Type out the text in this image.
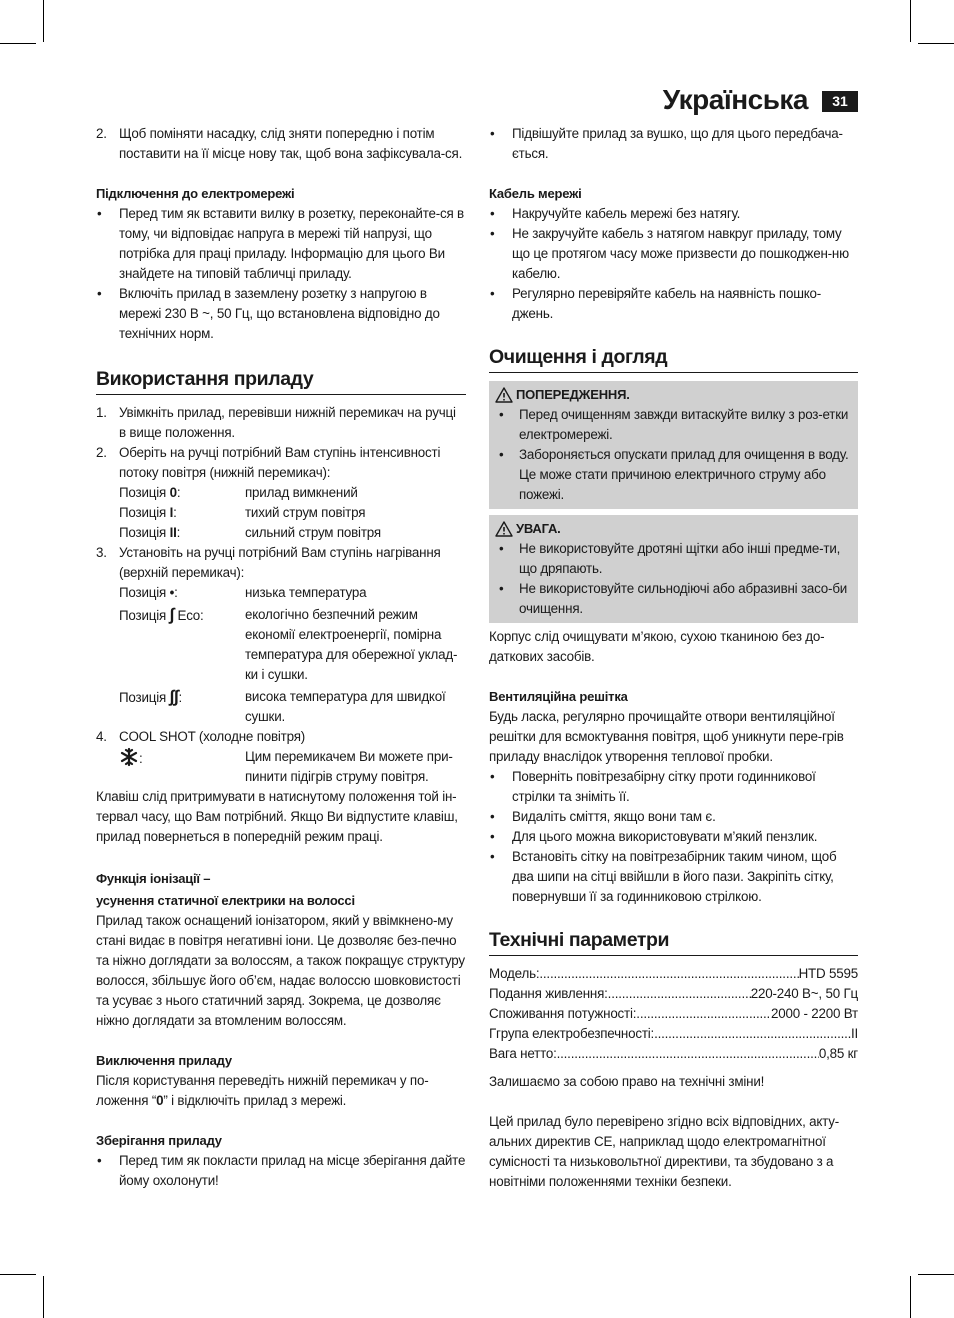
Українська	31
2. Щоб поміняти насадку, слід зняти попередню і потім поставити на її місце нову так, щоб вона зафіксувала-ся.

Підключення до електромережі

• Перед тим як вставити вилку в розетку, переконайте-ся в тому, чи відповідає напруга в мережі тій напрузі, що потрібка для праці приладу. Інформацію для цього Ви знайдете на типовій табличці приладу.
• Включіть прилад в заземлену розетку з напругою в мережі 230 В ~, 50 Гц, що встановлена відповідно до технічних норм.
Використання приладу
1. Увімкніть прилад, перевівши нижній перемикач на ручці в вище положення.
2. Оберіть на ручці потрібний Вам ступінь інтенсивності потоку повітря (нижній перемикач):
Позиція 0:	прилад вимкнений
Позиція I:	тихий струм повітря
Позиція II:	сильний струм повітря
3. Установіть на ручці потрібний Вам ступінь нагрівання (верхній перемикач):
Позиція •:	низька температура
Позиція ∫ Eco:	екологічно безпечний режим економії електроенергії, помірна температура для обережної уклад-ки і сушки.
Позиція ∫∫:	висока температура для швидкої сушки.
4. COOL SHOT (холодне повітря)
:	Цим перемикачем Ви можете при-пинити підігрів струму повітря.

Клавіш слід притримувати в натиснутому положення той ін-тервал часу, що Вам потрібний. Якщо Ви відпустите клавіш, прилад повернеться в попередній режим праці.

Функція іонізації –

усунення статичної електрики на волоссі

Прилад також оснащений іонізатором, який у ввімкнено-му стані видає в повітря негативні іони. Це дозволяє без-печно та ніжно доглядати за волоссям, а також покращує структуру волосся, збільшує його об’єм, надає волоссю шовковистості та усуває з нього статичний заряд. Зокрема, це дозволяє ніжно доглядати за втомленим волоссям.

Виключення приладу

Після користування переведіть нижній перемикач у по-ложення “0” і відключіть прилад з мережі.

Зберігання приладу

• Перед тим як покласти прилад на місце зберігання дайте йому охолонути!
• Підвішуйте прилад за вушко, що для цього передбача-ється.

Кабель мережі

• Накручуйте кабель мережі без натягу.
• Не закручуйте кабель з натягом навкруг приладу, тому що це протягом часу може призвести до пошкоджен-ню кабелю.
• Регулярно перевіряйте кабель на наявність пошко-джень.
Очищення і догляд
ПОПЕРЕДЖЕННЯ.
• Перед очищенням завжди витаскуйте вилку з роз-етки електромережі.
• Забороняється опускати прилад для очищення в воду. Це може стати причиною електричного струму або пожежі.
УВАГА.
• Не використовуйте дротяні щітки або інші предме-ти, що дряпають.
• Не використовуйте сильнодіючі або абразивні засо-би очищення.

Корпус слід очищувати м’якою, сухою тканиною без до-даткових засобів.

Вентиляційна решітка

Будь ласка, регулярно прочищайте отвори вентиляційної решітки для всмоктування повітря, щоб уникнути пере-грів приладу внаслідок утворення теплової пробки.

• Поверніть повітрезабірну сітку проти годинникової стрілки та зніміть її.
• Видаліть сміття, якщо вони там є.
• Для цього можна використовувати м’який пензлик.
• Встановіть сітку на повітрезабірник таким чином, щоб два шипи на сітці ввійшли в його пази. Закріпіть сітку, повернувши її за годинниковою стрілкою.
Технічні параметри
Модель: .....	HTD 5595
Подання живлення: .....	220-240 В~, 50 Гц
Споживання потужності: .....	2000 - 2200 Вт
Ггрупа електробезпечності: .....	II
Вага нетто: .....	0,85 кг

Залишаємо за собою право на технічні зміни!

Цей прилад було перевірено згідно всіх відповідних, акту-альних директив CE, наприклад щодо електромагнітної сумісності та низьковольтної директиви, та збудовано з а новітніми положеннями техніки безпеки.
